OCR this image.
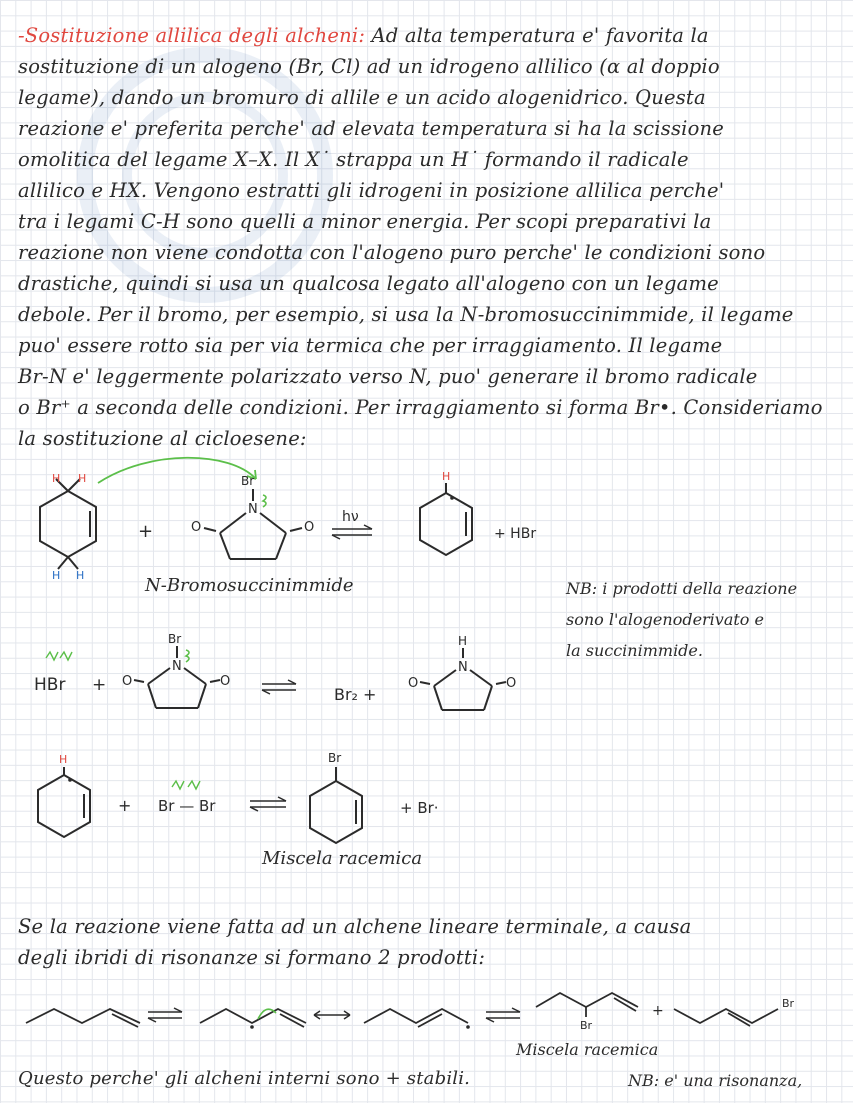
-Sostituzione allilica degli alcheni: Ad alta temperatura e' favorita la
sostituzione di un alogeno (Br, Cl) ad un idrogeno allilico (α al doppio
legame), dando un bromuro di allile e un acido alogenidrico. Questa
reazione e' preferita perche' ad elevata temperatura si ha la scissione
omolitica del legame X–X. Il X˙ strappa un H˙ formando il radicale
allilico e HX. Vengono estratti gli idrogeni in posizione allilica perche'
tra i legami C-H sono quelli a minor energia. Per scopi preparativi la
reazione non viene condotta con l'alogeno puro perche' le condizioni sono
drastiche, quindi si usa un qualcosa legato all'alogeno con un legame
debole. Per il bromo, per esempio, si usa la N-bromosuccinimmide, il legame
puo' essere rotto sia per via termica che per irraggiamento. Il legame
Br-N e' leggermente polarizzato verso N, puo' generare il bromo radicale
o Br⁺ a seconda delle condizioni. Per irraggiamento si forma Br•. Consideriamo
la sostituzione al cicloesene:
H H
H H
+
Br
N
O	O
hν
H
+ HBr
N-Bromosuccinimmide	NB: i prodotti della reazione
sono l'alogenoderivato e
la succinimmide.
HBr +
Br
N
O	O
Br₂ +
H
N
O	O
H
+ Br — Br
Br
+ Br·
Miscela racemica
Se la reazione viene fatta ad un alchene lineare terminale, a causa
degli ibridi di risonanze si formano 2 prodotti:
Br
+	Br
Miscela racemica
Questo perche' gli alcheni interni sono + stabili.	NB: e' una risonanza,
